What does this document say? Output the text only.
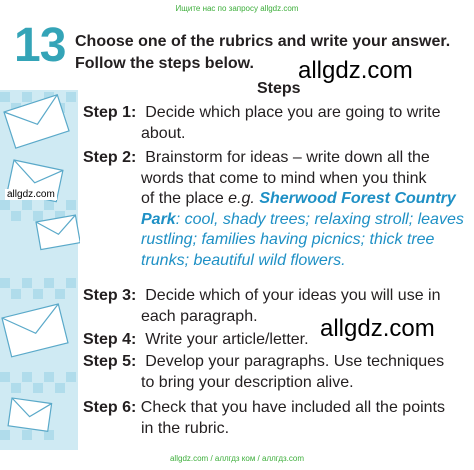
Ищите нас по запросу allgdz.com
13 Choose one of the rubrics and write your answer.
Follow the steps below.	allgdz.com
Steps
Step 1: Decide which place you are going to write
about.
Step 2: Brainstorm for ideas – write down all the
words that come to mind when you think
of the place e.g. Sherwood Forest Country
Park: cool, shady trees; relaxing stroll; leaves
rustling; families having picnics; thick tree
trunks; beautiful wild flowers.
Step 3: Decide which of your ideas you will use in
each paragraph.	allgdz.com
Step 4: Write your article/letter.
Step 5: Develop your paragraphs. Use techniques
to bring your description alive.
Step 6: Check that you have included all the points
in the rubric.
allgdz.com
allgdz.com / аллгдз ком / аллгдз.com
